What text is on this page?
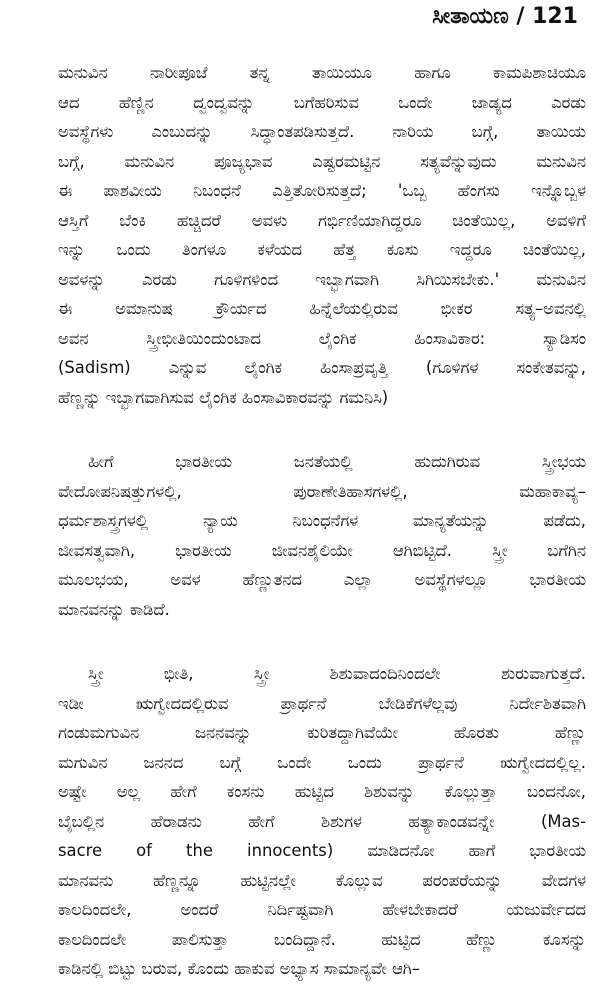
ಸೀತಾಯಣ / 121
ಮನುವಿನ ನಾರೀಪೂಜೆ ತನ್ನ ತಾಯಿಯೂ ಹಾಗೂ ಕಾಮಪಿಶಾಚಿಯೂ
ಆದ ಹೆಣ್ಣಿನ ದ್ವಂದ್ವವನ್ನು ಬಗೆಹರಿಸುವ ಒಂದೇ ಜಾಡ್ಯದ ಎರಡು
ಅವಸ್ಥೆಗಳು ಎಂಬುದನ್ನು ಸಿದ್ಧಾಂತಪಡಿಸುತ್ತದೆ. ನಾರಿಯ ಬಗ್ಗೆ, ತಾಯಿಯ
ಬಗ್ಗೆ, ಮನುವಿನ ಪೂಜ್ಯಭಾವ ಎಷ್ಟರಮಟ್ಟಿನ ಸತ್ಯವೆನ್ನುವುದು ಮನುವಿನ
ಈ ಪಾಶವೀಯ ನಿಬಂಧನೆ ಎತ್ತಿತೋರಿಸುತ್ತದೆ; 'ಒಬ್ಬ ಹೆಂಗಸು ಇನ್ನೊಬ್ಬಳ
ಆಸ್ತಿಗೆ ಬೆಂಕಿ ಹಚ್ಚಿದರೆ ಅವಳು ಗರ್ಭಿಣಿಯಾಗಿದ್ದರೂ ಚಿಂತೆಯಿಲ್ಲ, ಅವಳಿಗೆ
ಇನ್ನು ಒಂದು ತಿಂಗಳೂ ಕಳೆಯದ ಹೆತ್ತ ಕೂಸು ಇದ್ದರೂ ಚಿಂತೆಯಿಲ್ಲ,
ಅವಳನ್ನು ಎರಡು ಗೂಳಿಗಳಿಂದ ಇಬ್ಭಾಗವಾಗಿ ಸಿಗಿಯಿಸಬೇಕು.' ಮನುವಿನ
ಈ ಅಮಾನುಷ ಕ್ರೌರ್ಯದ ಹಿನ್ನೆಲೆಯಲ್ಲಿರುವ ಭೀಕರ ಸತ್ಯ–ಅವನಲ್ಲಿ
ಅವನ ಸ್ತ್ರೀಭೀತಿಯಿಂದುಂಟಾದ ಲೈಂಗಿಕ ಹಿಂಸಾವಿಕಾರ: ಸ್ಯಾಡಿಸಂ
(Sadism) ಎನ್ನುವ ಲೈಂಗಿಕ ಹಿಂಸಾಪ್ರವೃತ್ತಿ (ಗೂಳಿಗಳ ಸಂಕೇತವನ್ನು,
ಹೆಣ್ಣನ್ನು ಇಬ್ಭಾಗವಾಗಿಸುವ ಲೈಂಗಿಕ ಹಿಂಸಾವಿಕಾರವನ್ನು ಗಮನಿಸಿ)
ಹೀಗೆ ಭಾರತೀಯ ಜನತೆಯಲ್ಲಿ ಹುದುಗಿರುವ ಸ್ತ್ರೀಭಯ
ವೇದೋಪನಿಷತ್ತುಗಳಲ್ಲಿ, ಪುರಾಣೇತಿಹಾಸಗಳಲ್ಲಿ, ಮಹಾಕಾವ್ಯ–
ಧರ್ಮಶಾಸ್ತ್ರಗಳಲ್ಲಿ ನ್ಯಾಯ ನಿಬಂಧನೆಗಳ ಮಾನ್ಯತೆಯನ್ನು ಪಡೆದು,
ಜೀವಸತ್ವವಾಗಿ, ಭಾರತೀಯ ಜೀವನಶೈಲಿಯೇ ಆಗಿಬಿಟ್ಟಿದೆ. ಸ್ತ್ರೀ ಬಗೆಗಿನ
ಮೂಲಭಯ, ಅವಳ ಹೆಣ್ಣುತನದ ಎಲ್ಲಾ ಅವಸ್ಥೆಗಳಲ್ಲೂ ಭಾರತೀಯ
ಮಾನವನನ್ನು ಕಾಡಿದೆ.
ಸ್ತ್ರೀ ಭೀತಿ, ಸ್ತ್ರೀ ಶಿಶುವಾದಂದಿನಿಂದಲೇ ಶುರುವಾಗುತ್ತದೆ.
ಇಡೀ ಋಗ್ವೇದದಲ್ಲಿರುವ ಪ್ರಾರ್ಥನೆ ಬೇಡಿಕೆಗಳೆಲ್ಲವು ನಿರ್ದೇಶಿತವಾಗಿ
ಗಂಡುಮಗುವಿನ ಜನನವನ್ನು ಕುರಿತದ್ದಾಗಿವೆಯೇ ಹೊರತು ಹೆಣ್ಣು
ಮಗುವಿನ ಜನನದ ಬಗ್ಗೆ ಒಂದೇ ಒಂದು ಪ್ರಾರ್ಥನೆ ಋಗ್ವೇದದಲ್ಲಿಲ್ಲ.
ಅಷ್ಟೇ ಅಲ್ಲ ಹೇಗೆ ಕಂಸನು ಹುಟ್ಟಿದ ಶಿಶುವನ್ನು ಕೊಲ್ಲುತ್ತಾ ಬಂದನೋ,
ಬೈಬಲ್ಲಿನ ಹೆರಾಡನು ಹೇಗೆ ಶಿಶುಗಳ ಹತ್ಯಾಕಾಂಡವನ್ನೇ (Mas-
sacre of the innocents) ಮಾಡಿದನೋ ಹಾಗೆ ಭಾರತೀಯ
ಮಾನವನು ಹೆಣ್ಣನ್ನೂ ಹುಟ್ಟಿನಲ್ಲೇ ಕೊಲ್ಲುವ ಪರಂಪರೆಯನ್ನು ವೇದಗಳ
ಕಾಲದಿಂದಲೇ, ಅಂದರೆ ನಿರ್ದಿಷ್ಟವಾಗಿ ಹೇಳಬೇಕಾದರೆ ಯಜುರ್ವೇದದ
ಕಾಲದಿಂದಲೇ ಪಾಲಿಸುತ್ತಾ ಬಂದಿದ್ದಾನೆ. ಹುಟ್ಟಿದ ಹೆಣ್ಣು ಕೂಸನ್ನು
ಕಾಡಿನಲ್ಲಿ ಬಿಟ್ಟು ಬರುವ, ಕೊಂದು ಹಾಕುವ ಅಭ್ಯಾಸ ಸಾಮಾನ್ಯವೇ ಆಗಿ–
